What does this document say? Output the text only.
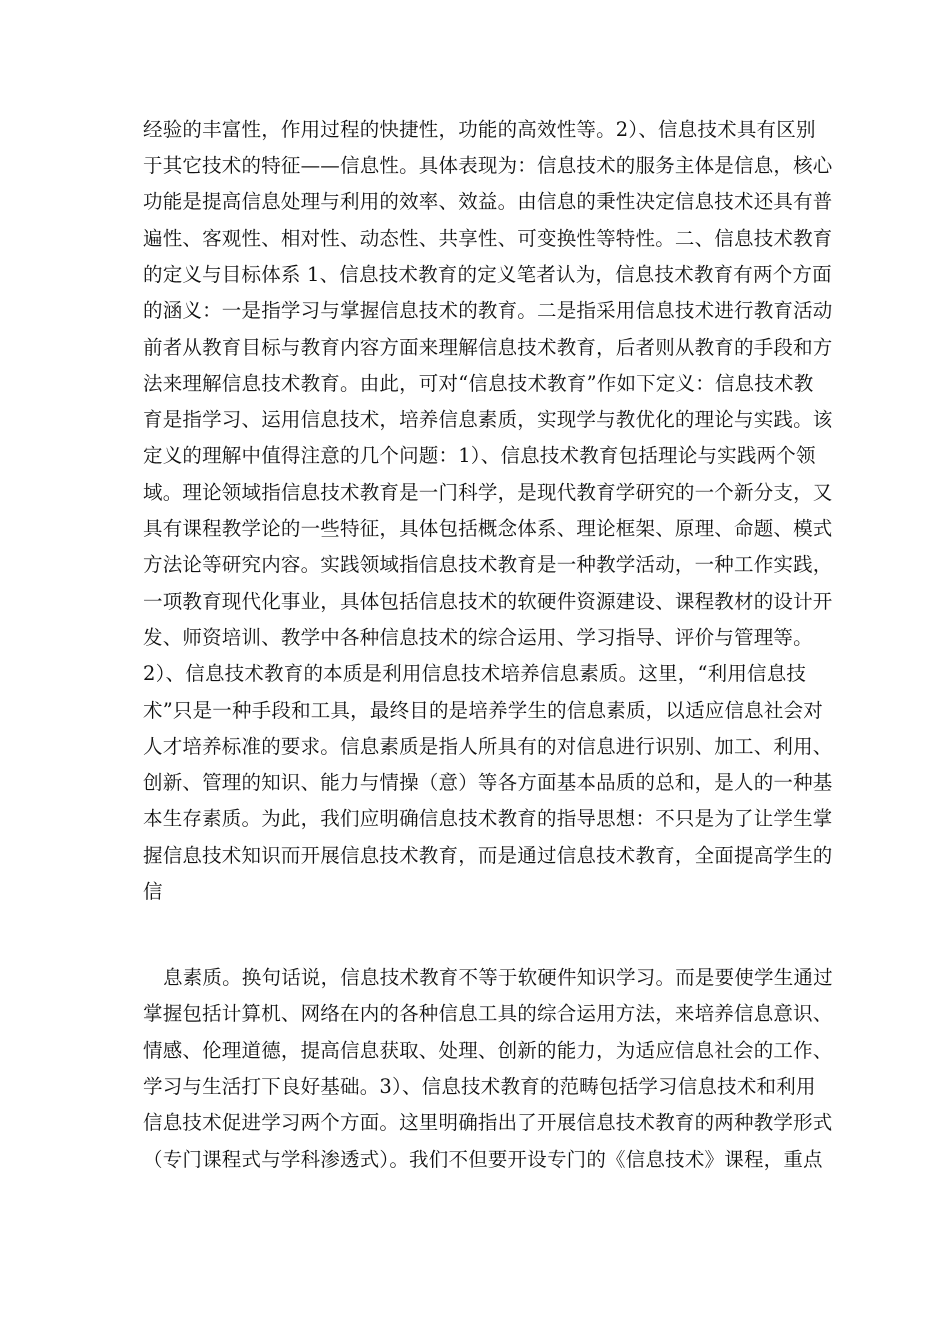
经验的丰富性，作用过程的快捷性，功能的高效性等。2）、信息技术具有区别
于其它技术的特征——信息性。具体表现为：信息技术的服务主体是信息，核心
功能是提高信息处理与利用的效率、效益。由信息的秉性决定信息技术还具有普
遍性、客观性、相对性、动态性、共享性、可变换性等特性。二、信息技术教育
的定义与目标体系 1、信息技术教育的定义笔者认为，信息技术教育有两个方面
的涵义：一是指学习与掌握信息技术的教育。二是指采用信息技术进行教育活动
前者从教育目标与教育内容方面来理解信息技术教育，后者则从教育的手段和方
法来理解信息技术教育。由此，可对“信息技术教育”作如下定义：信息技术教
育是指学习、运用信息技术，培养信息素质，实现学与教优化的理论与实践。该
定义的理解中值得注意的几个问题：1）、信息技术教育包括理论与实践两个领
域。理论领域指信息技术教育是一门科学，是现代教育学研究的一个新分支，又
具有课程教学论的一些特征，具体包括概念体系、理论框架、原理、命题、模式
方法论等研究内容。实践领域指信息技术教育是一种教学活动，一种工作实践，
一项教育现代化事业，具体包括信息技术的软硬件资源建设、课程教材的设计开
发、师资培训、教学中各种信息技术的综合运用、学习指导、评价与管理等。
2）、信息技术教育的本质是利用信息技术培养信息素质。这里，“利用信息技
术”只是一种手段和工具，最终目的是培养学生的信息素质，以适应信息社会对
人才培养标准的要求。信息素质是指人所具有的对信息进行识别、加工、利用、
创新、管理的知识、能力与情操（意）等各方面基本品质的总和，是人的一种基
本生存素质。为此，我们应明确信息技术教育的指导思想：不只是为了让学生掌
握信息技术知识而开展信息技术教育，而是通过信息技术教育，全面提高学生的
信
息素质。换句话说，信息技术教育不等于软硬件知识学习。而是要使学生通过
掌握包括计算机、网络在内的各种信息工具的综合运用方法，来培养信息意识、
情感、伦理道德，提高信息获取、处理、创新的能力，为适应信息社会的工作、
学习与生活打下良好基础。3）、信息技术教育的范畴包括学习信息技术和利用
信息技术促进学习两个方面。这里明确指出了开展信息技术教育的两种教学形式
（专门课程式与学科渗透式）。我们不但要开设专门的《信息技术》课程，重点
